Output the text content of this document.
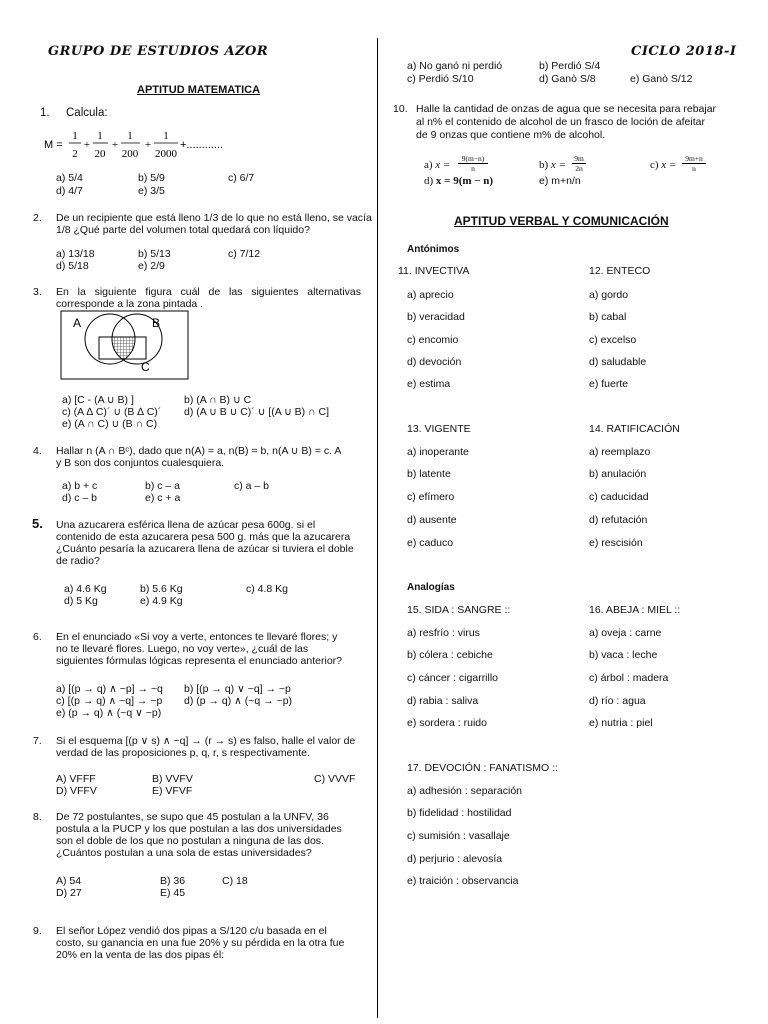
GRUPO DE ESTUDIOS AZOR	CICLO 2018-I
APTITUD MATEMATICA
1. Calcula:
M =
1
2
+
1
20
+
1
200
+
1
2000
+............
a) 5/4	b) 5/9	c) 6/7
d) 4/7	e) 3/5
2. De un recipiente que está lleno 1/3 de lo que no está lleno, se vacía
1/8 ¿Qué parte del volumen total quedará con líquido?
a) 13/18	b) 5/13	c) 7/12
d) 5/18	e) 2/9
3. En la siguiente figura cuál de las siguientes alternativas
corresponde a la zona pintada .
A	B
C
a) [C - (A ∪ B) ]	b) (A ∩ B) ∪ C
c) (A ∆ C)´ ∪ (B ∆ C)´ d) (A ∪ B ∪ C)´ ∪ [(A ∪ B) ∩ C]
e) (A ∩ C) ∪ (B ∩ C)
4. Hallar n (A ∩ Bᶜ), dado que n(A) = a, n(B) = b, n(A ∪ B) = c. A
y B son dos conjuntos cualesquiera.
a) b + c	b) c – a	c) a – b
d) c – b	e) c + a
5. Una azucarera esférica llena de azúcar pesa 600g. si el
contenido de esta azucarera pesa 500 g. más que la azucarera
¿Cuánto pesaría la azucarera llena de azúcar si tuviera el doble
de radio?
a) 4.6 Kg	b) 5.6 Kg	c) 4.8 Kg
d) 5 Kg	e) 4.9 Kg
6. En el enunciado «Si voy a verte, entonces te llevaré flores; y
no te llevaré flores. Luego, no voy verte», ¿cuál de las
siguientes fórmulas lógicas representa el enunciado anterior?
a) [(p → q) ∧ ~p] → ~q b) [(p → q) ∨ ~q] → ~p
c) [(p → q) ∧ ~q] → ~p d) (p → q) ∧ (~q → ~p)
e) (p → q) ∧ (~q ∨ ~p)
7. Si el esquema [(p ∨ s) ∧ ~q] → (r → s) es falso, halle el valor de
verdad de las proposiciones p, q, r, s respectivamente.
A) VFFF	B) VVFV	C) VVVF
D) VFFV	E) VFVF
8. De 72 postulantes, se supo que 45 postulan a la UNFV, 36
postula a la PUCP y los que postulan a las dos universidades
son el doble de los que no postulan a ninguna de las dos.
¿Cuántos postulan a una sola de estas universidades?
A) 54	B) 36	C) 18
D) 27	E) 45
9. El señor López vendió dos pipas a S/120 c/u basada en el
costo, su ganancia en una fue 20% y su pérdida en la otra fue
20% en la venta de las dos pipas él:
a) No ganó ni perdió	b) Perdió S/4
c) Perdió S/10	d) Ganò S/8	e) Ganò S/12
10. Halle la cantidad de onzas de agua que se necesita para rebajar
al n% el contenido de alcohol de un frasco de loción de afeitar
de 9 onzas que contiene m% de alcohol.
a) x =
9(m−n)
n	b) x =
9m
2n	c) x =
9m+n
n
d) x = 9(m − n)	e) m+n/n
APTITUD VERBAL Y COMUNICACIÓN
Antónimos
11. INVECTIVA
a) aprecio
b) veracidad
c) encomio
d) devoción
e) estima
12. ENTECO
a) gordo
b) cabal
c) excelso
d) saludable
e) fuerte
13. VIGENTE
a) inoperante
b) latente
c) efímero
d) ausente
e) caduco
14. RATIFICACIÓN
a) reemplazo
b) anulación
c) caducidad
d) refutación
e) rescisión
Analogías
15. SIDA : SANGRE ::
a) resfrío : virus
b) cólera : cebiche
c) cáncer : cigarrillo
d) rabia : saliva
e) sordera : ruido
16. ABEJA : MIEL ::
a) oveja : carne
b) vaca : leche
c) árbol : madera
d) río : agua
e) nutria : piel
17. DEVOCIÓN : FANATISMO ::
a) adhesión : separación
b) fidelidad : hostilidad
c) sumisión : vasallaje
d) perjurio : alevosía
e) traición : observancia
